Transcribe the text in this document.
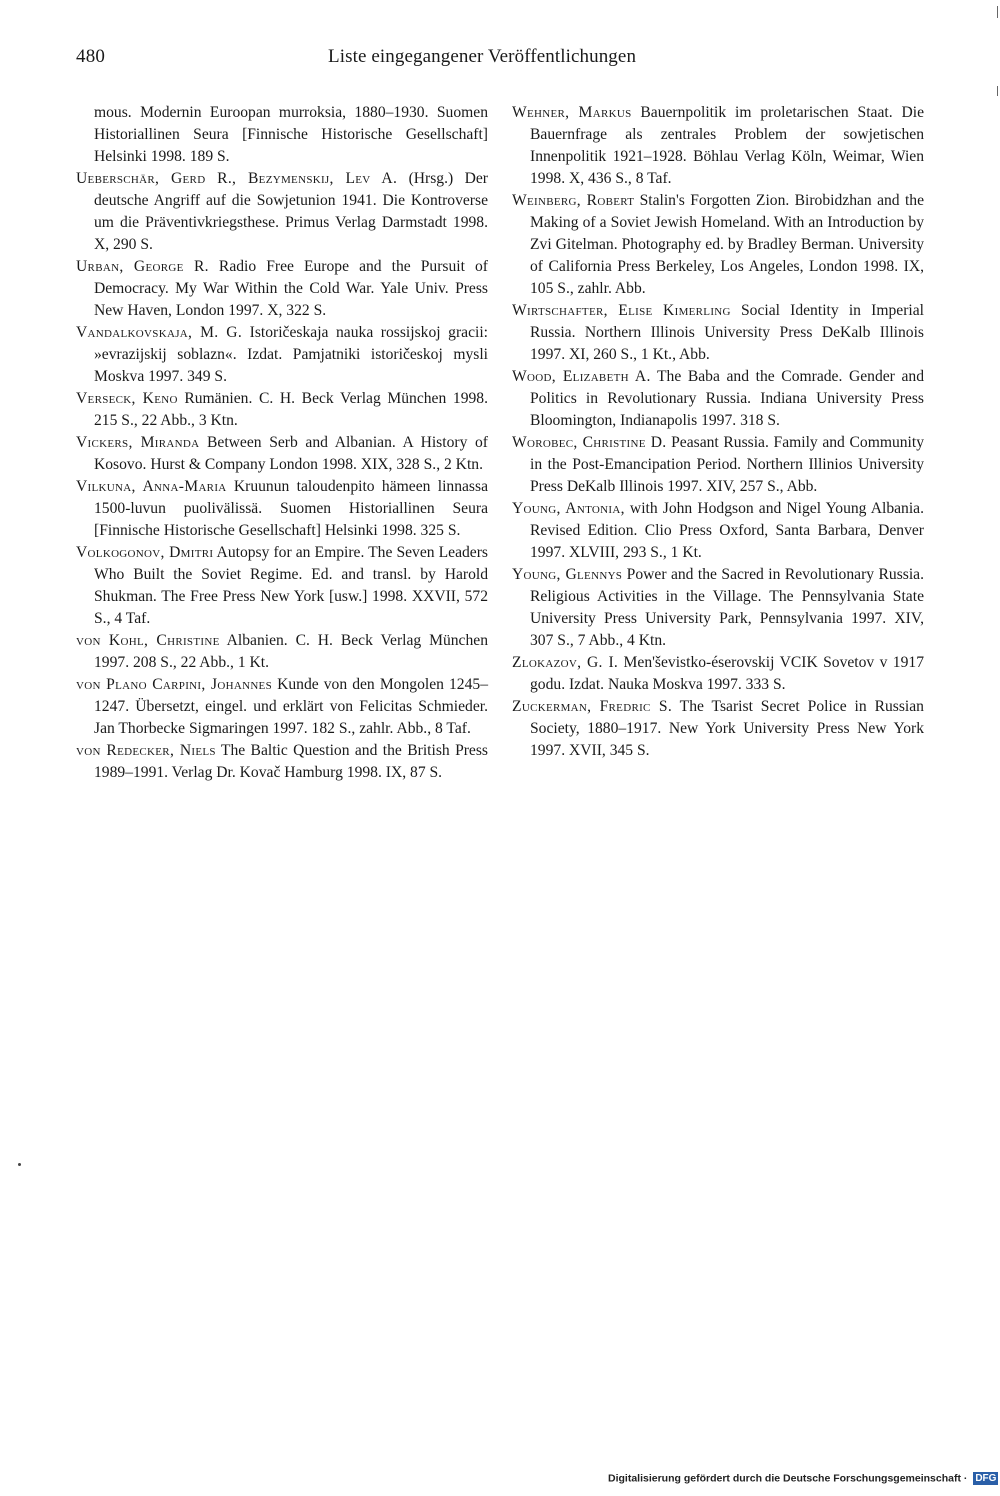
480	Liste eingegangener Veröffentlichungen

mous. Modernin Euroopan murroksia, 1880–1930. Suomen Historiallinen Seura [Finnische Historische Gesellschaft] Helsinki 1998. 189 S.

Ueberschär, Gerd R., Bezymenskij, Lev A. (Hrsg.) Der deutsche Angriff auf die Sowjetunion 1941. Die Kontroverse um die Präventivkriegsthese. Primus Verlag Darmstadt 1998. X, 290 S.

Urban, George R. Radio Free Europe and the Pursuit of Democracy. My War Within the Cold War. Yale Univ. Press New Haven, London 1997. X, 322 S.

Vandalkovskaja, M. G. Istoričeskaja nauka rossijskoj gracii: »evrazijskij soblazn«. Izdat. Pamjatniki istoričeskoj mysli Moskva 1997. 349 S.

Verseck, Keno Rumänien. C. H. Beck Verlag München 1998. 215 S., 22 Abb., 3 Ktn.

Vickers, Miranda Between Serb and Albanian. A History of Kosovo. Hurst & Company London 1998. XIX, 328 S., 2 Ktn.

Vilkuna, Anna-Maria Kruunun taloudenpito hämeen linnassa 1500-luvun puolivälissä. Suomen Historiallinen Seura [Finnische Historische Gesellschaft] Helsinki 1998. 325 S.

Volkogonov, Dmitri Autopsy for an Empire. The Seven Leaders Who Built the Soviet Regime. Ed. and transl. by Harold Shukman. The Free Press New York [usw.] 1998. XXVII, 572 S., 4 Taf.

von Kohl, Christine Albanien. C. H. Beck Verlag München 1997. 208 S., 22 Abb., 1 Kt.

von Plano Carpini, Johannes Kunde von den Mongolen 1245–1247. Übersetzt, eingel. und erklärt von Felicitas Schmieder. Jan Thorbecke Sigmaringen 1997. 182 S., zahlr. Abb., 8 Taf.

von Redecker, Niels The Baltic Question and the British Press 1989–1991. Verlag Dr. Kovač Hamburg 1998. IX, 87 S.

Wehner, Markus Bauernpolitik im proletarischen Staat. Die Bauernfrage als zentrales Problem der sowjetischen Innenpolitik 1921–1928. Böhlau Verlag Köln, Weimar, Wien 1998. X, 436 S., 8 Taf.

Weinberg, Robert Stalin's Forgotten Zion. Birobidzhan and the Making of a Soviet Jewish Homeland. With an Introduction by Zvi Gitelman. Photography ed. by Bradley Berman. University of California Press Berkeley, Los Angeles, London 1998. IX, 105 S., zahlr. Abb.

Wirtschafter, Elise Kimerling Social Identity in Imperial Russia. Northern Illinois University Press DeKalb Illinois 1997. XI, 260 S., 1 Kt., Abb.

Wood, Elizabeth A. The Baba and the Comrade. Gender and Politics in Revolutionary Russia. Indiana University Press Bloomington, Indianapolis 1997. 318 S.

Worobec, Christine D. Peasant Russia. Family and Community in the Post-Emancipation Period. Northern Illinios University Press DeKalb Illinois 1997. XIV, 257 S., Abb.

Young, Antonia, with John Hodgson and Nigel Young Albania. Revised Edition. Clio Press Oxford, Santa Barbara, Denver 1997. XLVIII, 293 S., 1 Kt.

Young, Glennys Power and the Sacred in Revolutionary Russia. Religious Activities in the Village. The Pennsylvania State University Press University Park, Pennsylvania 1997. XIV, 307 S., 7 Abb., 4 Ktn.

Zlokazov, G. I. Men'ševistko-éserovskij VCIK Sovetov v 1917 godu. Izdat. Nauka Moskva 1997. 333 S.

Zuckerman, Fredric S. The Tsarist Secret Police in Russian Society, 1880–1917. New York University Press New York 1997. XVII, 345 S.

Digitalisierung gefördert durch die Deutsche Forschungsgemeinschaft · DFG
